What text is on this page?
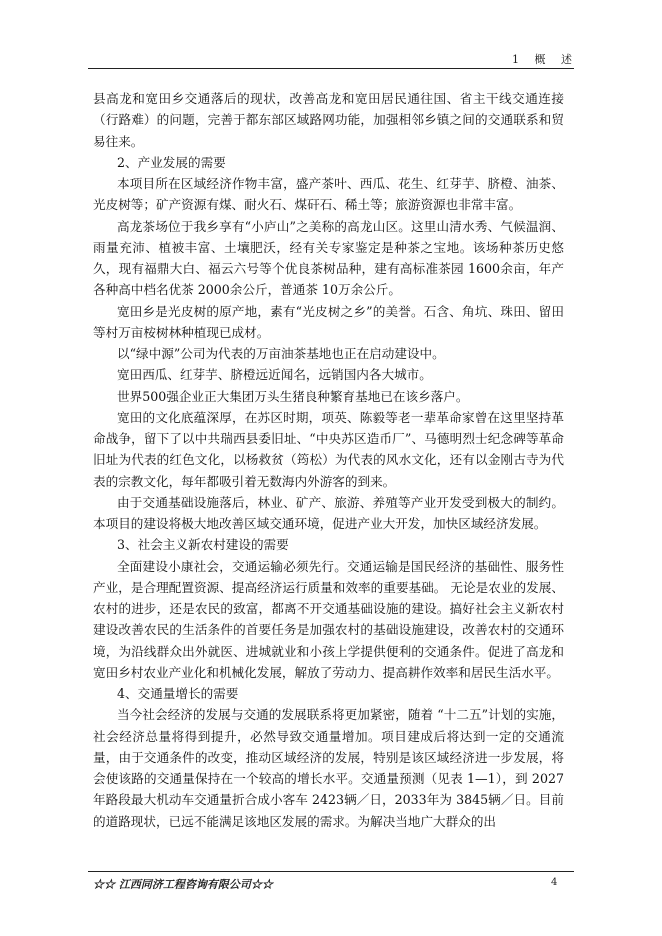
1 概 述

县高龙和宽田乡交通落后的现状，改善高龙和宽田居民通往国、省主干线交通连接（行路难）的问题，完善于都东部区域路网功能，加强相邻乡镇之间的交通联系和贸易往来。

2、产业发展的需要

本项目所在区域经济作物丰富，盛产茶叶、西瓜、花生、红芽芋、脐橙、油茶、光皮树等；矿产资源有煤、耐火石、煤矸石、稀土等；旅游资源也非常丰富。

高龙茶场位于我乡享有“小庐山”之美称的高龙山区。这里山清水秀、气候温润、雨量充沛、植被丰富、土壤肥沃，经有关专家鉴定是种茶之宝地。该场种茶历史悠久，现有福鼎大白、福云六号等个优良茶树品种，建有高标准茶园 1600余亩，年产各种高中档名优茶 2000余公斤，普通茶 10万余公斤。

宽田乡是光皮树的原产地，素有“光皮树之乡”的美誉。石含、角坑、珠田、留田等村万亩桉树林种植现已成材。

以“绿中源”公司为代表的万亩油茶基地也正在启动建设中。

宽田西瓜、红芽芋、脐橙远近闻名，远销国内各大城市。

世界500强企业正大集团万头生猪良种繁育基地已在该乡落户。

宽田的文化底蕴深厚，在苏区时期，项英、陈毅等老一辈革命家曾在这里坚持革命战争，留下了以中共瑞西县委旧址、“中央苏区造币厂”、马德明烈士纪念碑等革命旧址为代表的红色文化，以杨救贫（筠松）为代表的风水文化，还有以金刚古寺为代表的宗教文化，每年都吸引着无数海内外游客的到来。

由于交通基础设施落后，林业、矿产、旅游、养殖等产业开发受到极大的制约。本项目的建设将极大地改善区域交通环境，促进产业大开发，加快区域经济发展。

3、社会主义新农村建设的需要

全面建设小康社会，交通运输必须先行。交通运输是国民经济的基础性、服务性产业，是合理配置资源、提高经济运行质量和效率的重要基础。 无论是农业的发展、农村的进步，还是农民的致富，都离不开交通基础设施的建设。搞好社会主义新农村建设改善农民的生活条件的首要任务是加强农村的基础设施建设，改善农村的交通环境，为沿线群众出外就医、进城就业和小孩上学提供便利的交通条件。促进了高龙和宽田乡村农业产业化和机械化发展，解放了劳动力、提高耕作效率和居民生活水平。

4、交通量增长的需要

当今社会经济的发展与交通的发展联系将更加紧密，随着 “十二五”计划的实施，社会经济总量将得到提升，必然导致交通量增加。项目建成后将达到一定的交通流量，由于交通条件的改变，推动区域经济的发展，特别是该区域经济进一步发展，将会使该路的交通量保持在一个较高的增长水平。交通量预测（见表 1—1），到 2027年路段最大机动车交通量折合成小客车 2423辆／日，2033年为 3845辆／日。目前的道路现状，已远不能满足该地区发展的需求。为解决当地广大群众的出

☆☆ 江西同济工程咨询有限公司☆☆	4
